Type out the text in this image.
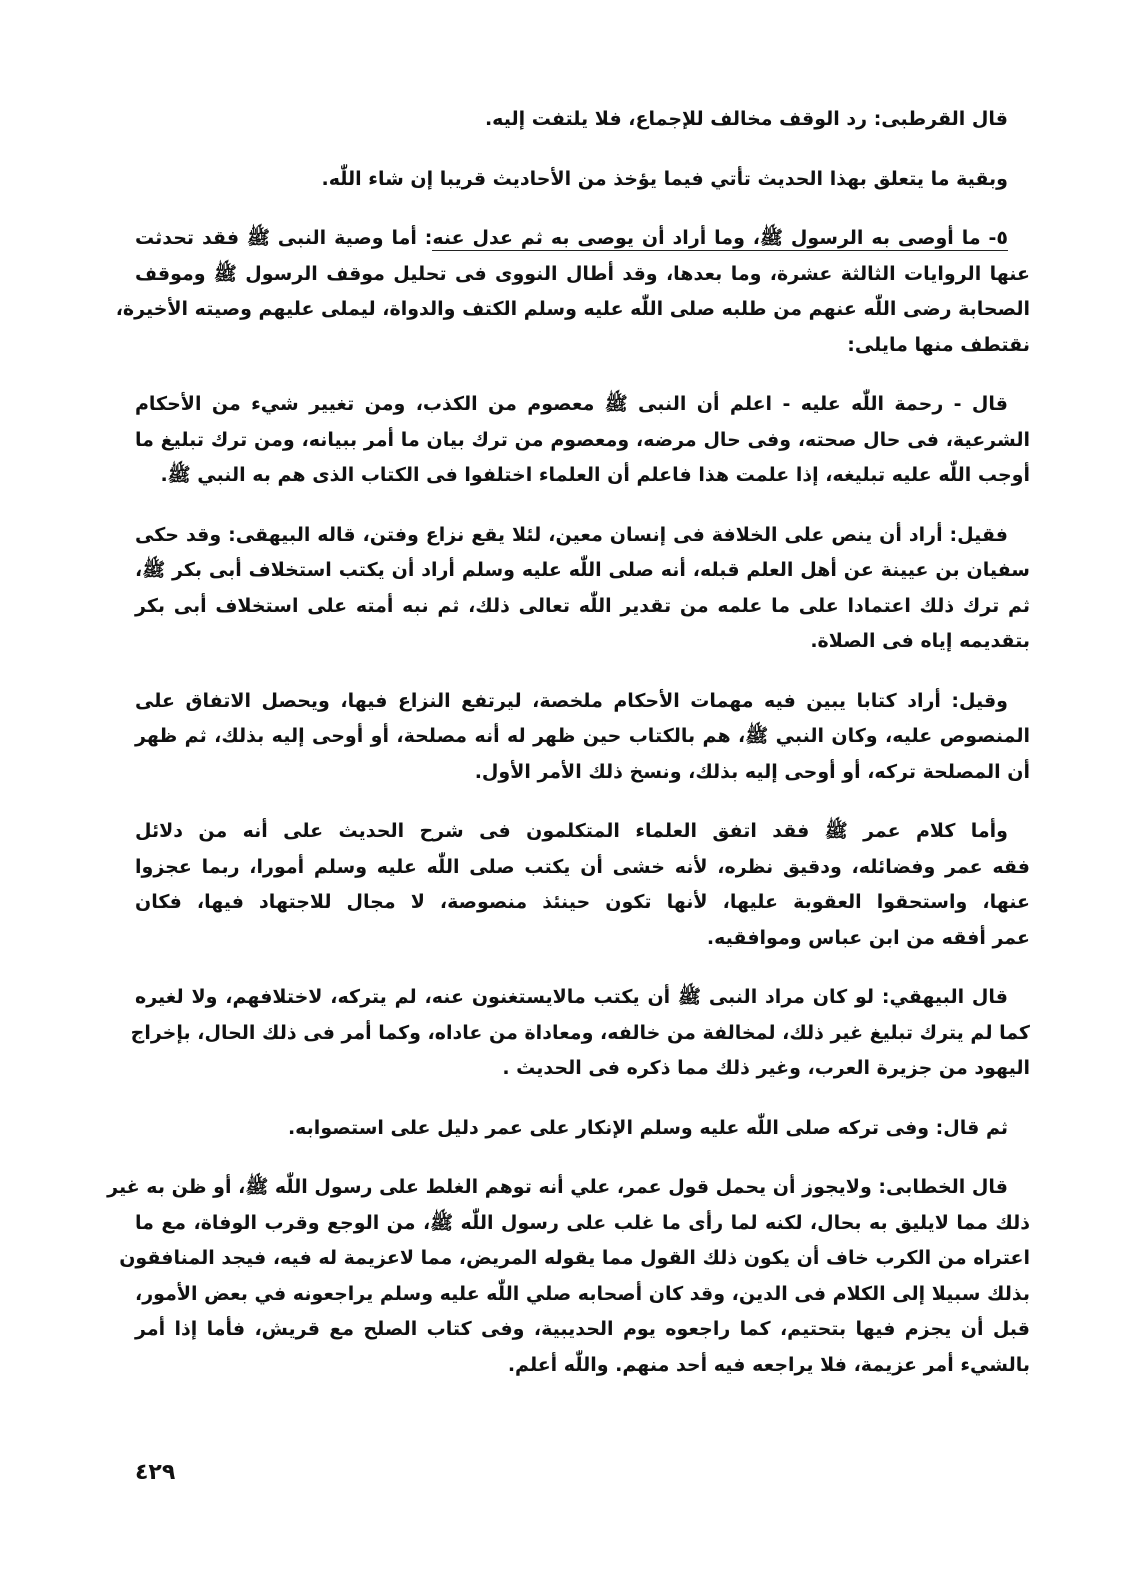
قال القرطبى: رد الوقف مخالف للإجماع، فلا يلتفت إليه.
وبقية ما يتعلق بهذا الحديث تأتي فيما يؤخذ من الأحاديث قريبا إن شاء اللّٰه.
٥- ما أوصى به الرسول ﷺ، وما أراد أن يوصى به ثم عدل عنه: أما وصية النبى ﷺ فقد تحدثت
عنها الروايات الثالثة عشرة، وما بعدها، وقد أطال النووى فى تحليل موقف الرسول ﷺ وموقف
الصحابة رضى اللّٰه عنهم من طلبه صلى اللّٰه عليه وسلم الكتف والدواة، ليملى عليهم وصيته الأخيرة،
نقتطف منها مايلى:
قال - رحمة اللّٰه عليه - اعلم أن النبى ﷺ معصوم من الكذب، ومن تغيير شيء من الأحكام
الشرعية، فى حال صحته، وفى حال مرضه، ومعصوم من ترك بيان ما أمر ببيانه، ومن ترك تبليغ ما
أوجب اللّٰه عليه تبليغه، إذا علمت هذا فاعلم أن العلماء اختلفوا فى الكتاب الذى هم به النبي ﷺ.
فقيل: أراد أن ينص على الخلافة فى إنسان معين، لئلا يقع نزاع وفتن، قاله البيهقى: وقد حكى
سفيان بن عيينة عن أهل العلم قبله، أنه صلى اللّٰه عليه وسلم أراد أن يكتب استخلاف أبى بكر ﷺ،
ثم ترك ذلك اعتمادا على ما علمه من تقدير اللّٰه تعالى ذلك، ثم نبه أمته على استخلاف أبى بكر
بتقديمه إياه فى الصلاة.
وقيل: أراد كتابا يبين فيه مهمات الأحكام ملخصة، ليرتفع النزاع فيها، ويحصل الاتفاق على
المنصوص عليه، وكان النبي ﷺ، هم بالكتاب حين ظهر له أنه مصلحة، أو أوحى إليه بذلك، ثم ظهر
أن المصلحة تركه، أو أوحى إليه بذلك، ونسخ ذلك الأمر الأول.
وأما كلام عمر ﷺ فقد اتفق العلماء المتكلمون فى شرح الحديث على أنه من دلائل
فقه عمر وفضائله، ودقيق نظره، لأنه خشى أن يكتب صلى اللّٰه عليه وسلم أمورا، ربما عجزوا
عنها، واستحقوا العقوبة عليها، لأنها تكون حينئذ منصوصة، لا مجال للاجتهاد فيها، فكان
عمر أفقه من ابن عباس وموافقيه.
قال البيهقي: لو كان مراد النبى ﷺ أن يكتب مالايستغنون عنه، لم يتركه، لاختلافهم، ولا لغيره
كما لم يترك تبليغ غير ذلك، لمخالفة من خالفه، ومعاداة من عاداه، وكما أمر فى ذلك الحال، بإخراج
اليهود من جزيرة العرب، وغير ذلك مما ذكره فى الحديث .
ثم قال: وفى تركه صلى اللّٰه عليه وسلم الإنكار على عمر دليل على استصوابه.
قال الخطابى: ولايجوز أن يحمل قول عمر، علي أنه توهم الغلط على رسول اللّٰه ﷺ، أو ظن به غير
ذلك مما لايليق به بحال، لكنه لما رأى ما غلب على رسول اللّٰه ﷺ، من الوجع وقرب الوفاة، مع ما
اعتراه من الكرب خاف أن يكون ذلك القول مما يقوله المريض، مما لاعزيمة له فيه، فيجد المنافقون
بذلك سبيلا إلى الكلام فى الدين، وقد كان أصحابه صلي اللّٰه عليه وسلم يراجعونه في بعض الأمور،
قبل أن يجزم فيها بتحتيم، كما راجعوه يوم الحديبية، وفى كتاب الصلح مع قريش، فأما إذا أمر
بالشيء أمر عزيمة، فلا يراجعه فيه أحد منهم. واللّٰه أعلم.
٤٢٩
